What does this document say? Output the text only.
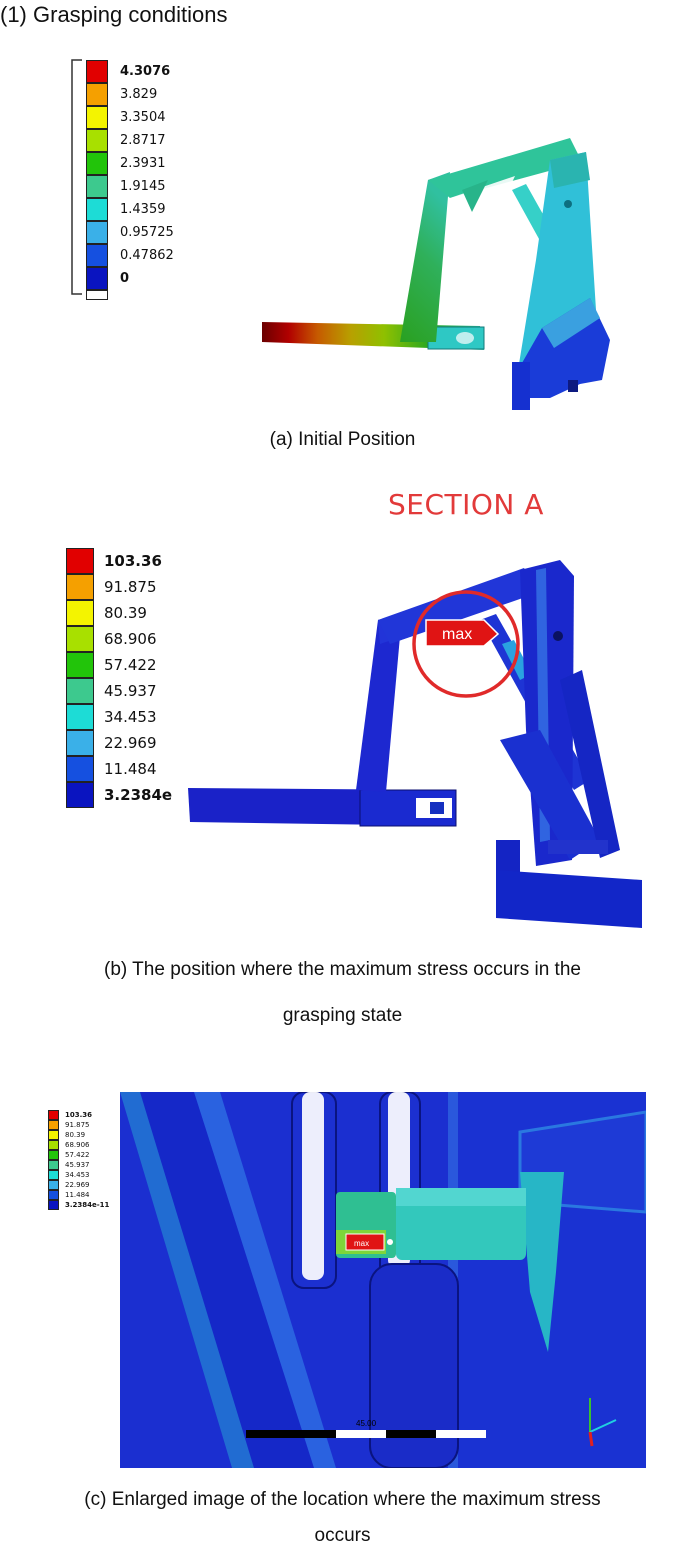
(1) Grasping conditions
4.3076
3.829
3.3504
2.8717
2.3931
1.9145
1.4359
0.95725
0.47862
0
(a) Initial Position
SECTION A
103.36
91.875
80.39
68.906
57.422
45.937
34.453
22.969
11.484
3.2384e
max
(b) The position where the maximum stress occurs in the
grasping state
max
45.00
103.36
91.875
80.39
68.906
57.422
45.937
34.453
22.969
11.484
3.2384e-11
(c) Enlarged image of the location where the maximum stress
occurs
